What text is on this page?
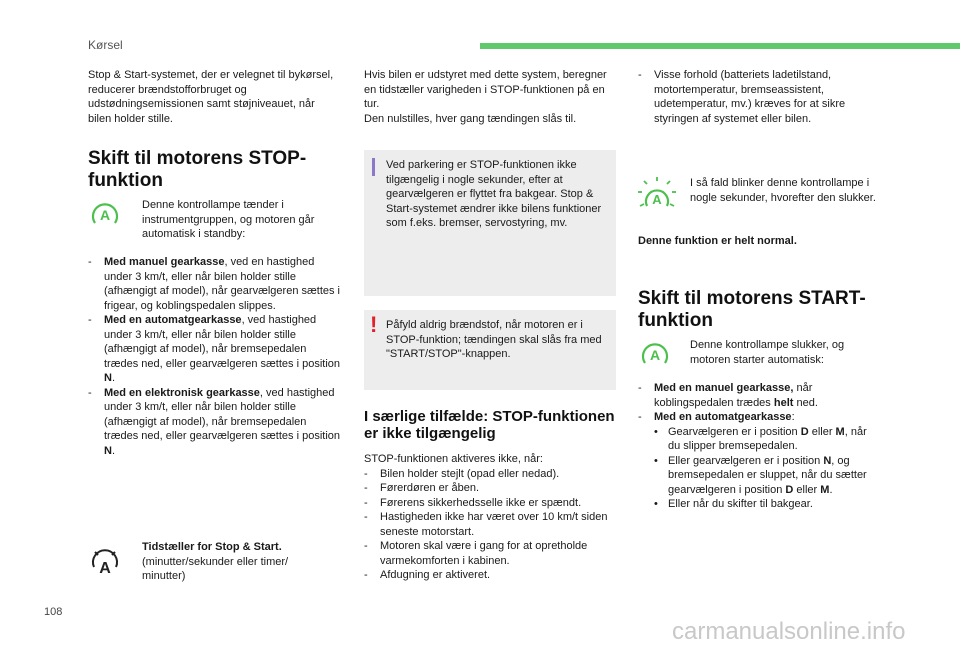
Kørsel

Stop & Start-systemet, der er velegnet til bykørsel, reducerer brændstofforbruget og udstødningsemissionen samt støjniveauet, når bilen holder stille.

Skift til motorens STOP-funktion
A
Denne kontrollampe tænder i instrumentgruppen, og motoren går automatisk i standby:
- Med manuel gearkasse, ved en hastighed under 3 km/t, eller når bilen holder stille (afhængigt af model), når gearvælgeren sættes i frigear, og koblingspedalen slippes.
- Med en automatgearkasse, ved hastighed under 3 km/t, eller når bilen holder stille (afhængigt af model), når bremsepedalen trædes ned, eller gearvælgeren sættes i position N.
- Med en elektronisk gearkasse, ved hastighed under 3 km/t, eller når bilen holder stille (afhængigt af model), når bremsepedalen trædes ned, eller gearvælgeren sættes i position N.
A
Tidstæller for Stop & Start.
(minutter/sekunder eller timer/ minutter)

Hvis bilen er udstyret med dette system, beregner en tidstæller varigheden i STOP-funktionen på en tur.

Den nulstilles, hver gang tændingen slås til.

Ved parkering er STOP-funktionen ikke tilgængelig i nogle sekunder, efter at gearvælgeren er flyttet fra bakgear. Stop & Start-systemet ændrer ikke bilens funktioner som f.eks. bremser, servostyring, mv.
! Påfyld aldrig brændstof, når motoren er i STOP-funktion; tændingen skal slås fra med "START/STOP"-knappen.
I særlige tilfælde: STOP-funktionen er ikke tilgængelig
STOP-funktionen aktiveres ikke, når:
- Bilen holder stejlt (opad eller nedad).
- Førerdøren er åben.
- Førerens sikkerhedsselle ikke er spændt.
- Hastigheden ikke har været over 10 km/t siden seneste motorstart.
- Motoren skal være i gang for at opretholde varmekomforten i kabinen.
- Afdugning er aktiveret.
- Visse forhold (batteriets ladetilstand, motortemperatur, bremseassistent, udetemperatur, mv.) kræves for at sikre styringen af systemet eller bilen.
A
I så fald blinker denne kontrollampe i nogle sekunder, hvorefter den slukker.
Denne funktion er helt normal.
Skift til motorens START-funktion
A
Denne kontrollampe slukker, og motoren starter automatisk:
- Med en manuel gearkasse, når koblingspedalen trædes helt ned.
- Med en automatgearkasse:
• Gearvælgeren er i position D eller M, når du slipper bremsepedalen.
• Eller gearvælgeren er i position N, og bremsepedalen er sluppet, når du sætter gearvælgeren i position D eller M.
• Eller når du skifter til bakgear.
108
carmanualsonline.info
